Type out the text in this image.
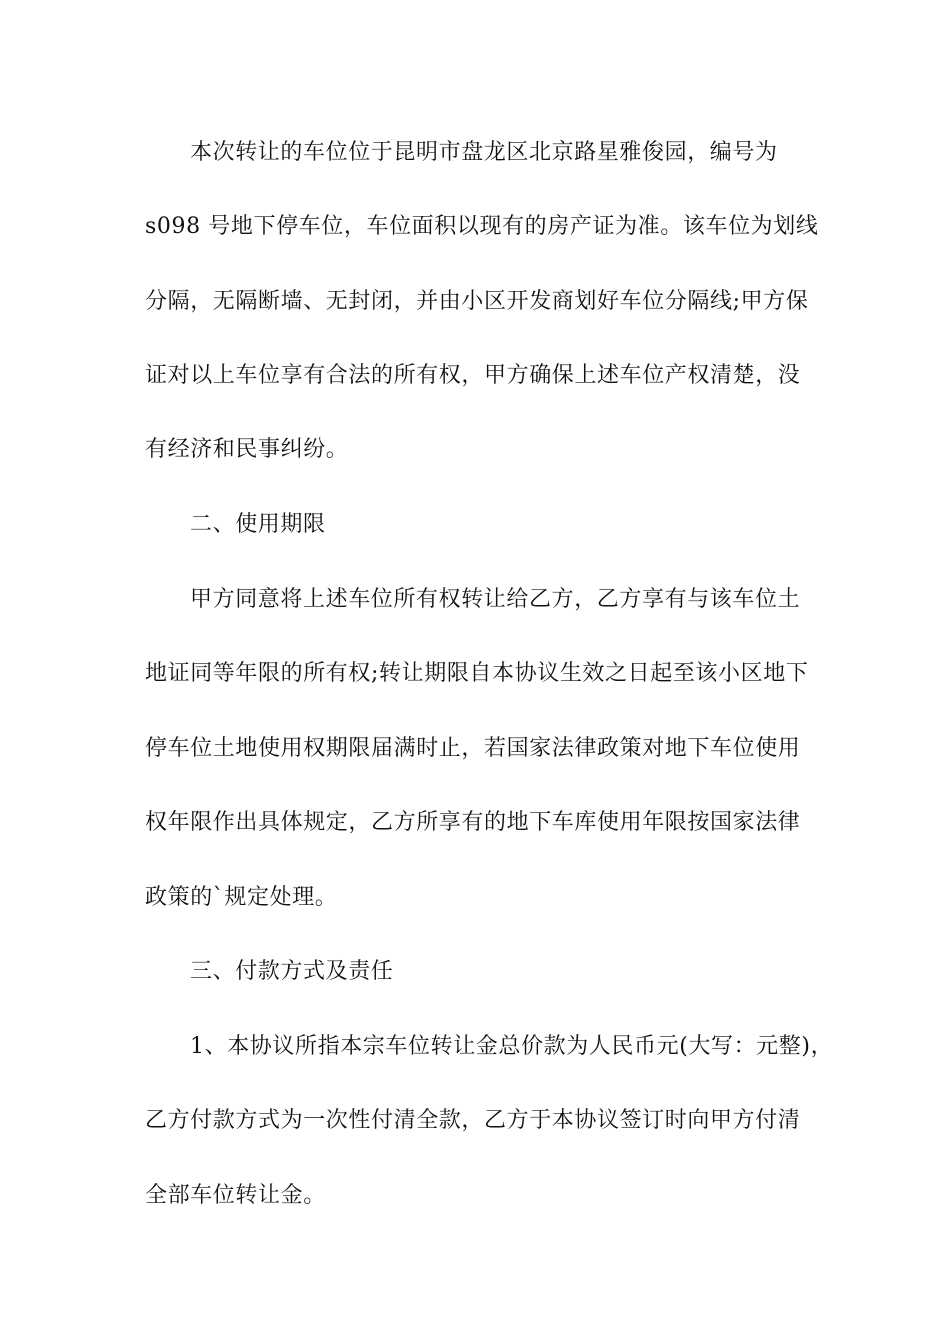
本次转让的车位位于昆明市盘龙区北京路星雅俊园，编号为
s098 号地下停车位，车位面积以现有的房产证为准。该车位为划线
分隔，无隔断墙、无封闭，并由小区开发商划好车位分隔线;甲方保
证对以上车位享有合法的所有权，甲方确保上述车位产权清楚，没
有经济和民事纠纷。
二、使用期限
甲方同意将上述车位所有权转让给乙方，乙方享有与该车位土
地证同等年限的所有权;转让期限自本协议生效之日起至该小区地下
停车位土地使用权期限届满时止，若国家法律政策对地下车位使用
权年限作出具体规定，乙方所享有的地下车库使用年限按国家法律
政策的`规定处理。
三、付款方式及责任
1、本协议所指本宗车位转让金总价款为人民币元(大写：元整)，
乙方付款方式为一次性付清全款，乙方于本协议签订时向甲方付清
全部车位转让金。
